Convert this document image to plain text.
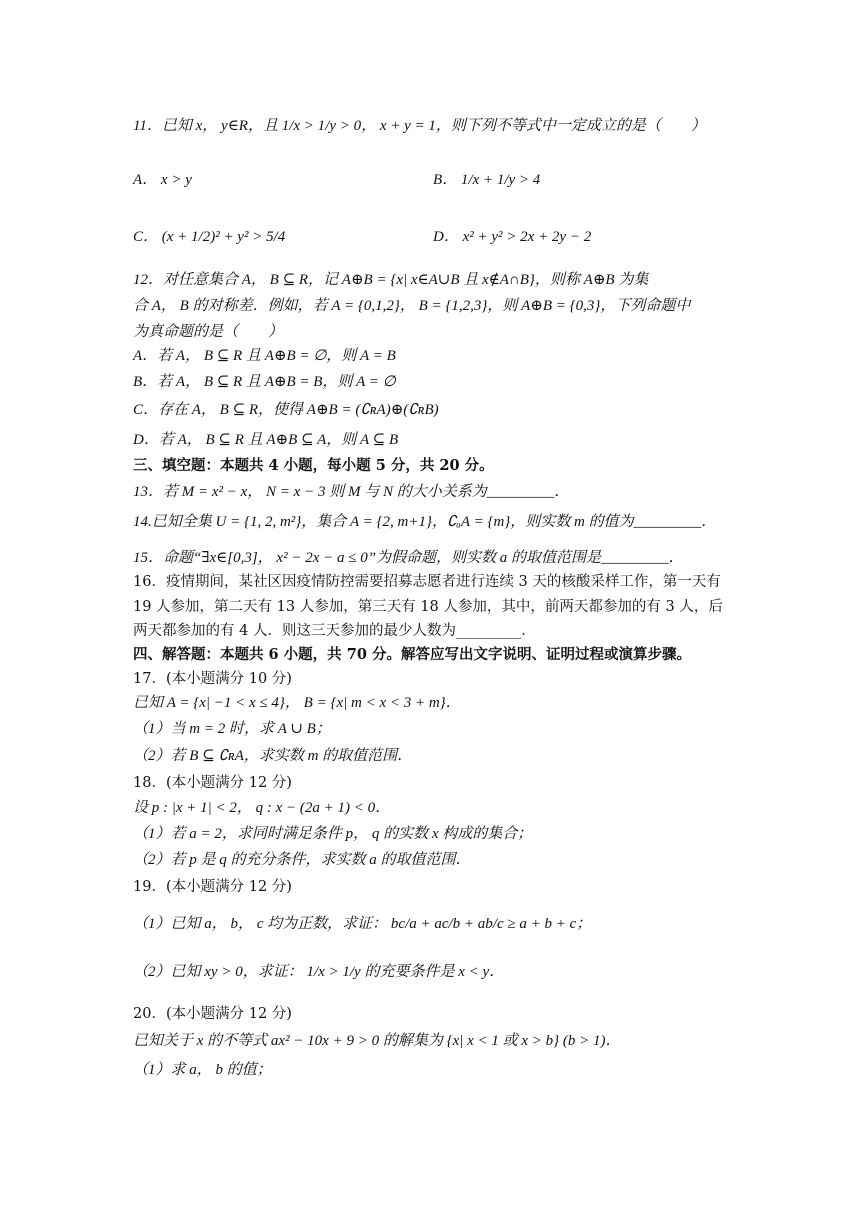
11．已知 x， y∈R，且 1/x > 1/y > 0， x + y = 1，则下列不等式中一定成立的是（　　）
A． x > y	B． 1/x + 1/y > 4
C． (x + 1/2)² + y² > 5/4	D． x² + y² > 2x + 2y − 2
12．对任意集合 A， B ⊆ R，记 A⊕B = {x| x∈A∪B 且 x∉A∩B}，则称 A⊕B 为集
合 A， B 的对称差．例如，若 A = {0,1,2}， B = {1,2,3}，则 A⊕B = {0,3}，下列命题中
为真命题的是（　　）
A．若 A， B ⊆ R 且 A⊕B = ∅，则 A = B
B．若 A， B ⊆ R 且 A⊕B = B，则 A = ∅
C．存在 A， B ⊆ R，使得 A⊕B = (∁ʀA)⊕(∁ʀB)
D．若 A， B ⊆ R 且 A⊕B ⊆ A，则 A ⊆ B
三、填空题：本题共 4 小题，每小题 5 分，共 20 分。
13．若 M = x² − x， N = x − 3 则 M 与 N 的大小关系为_________．
14.已知全集 U = {1, 2, m²}，集合 A = {2, m+1}，∁ᵤA = {m}，则实数 m 的值为_________．
15．命题“∃x∈[0,3]， x² − 2x − a ≤ 0”为假命题，则实数 a 的取值范围是_________．
16．疫情期间，某社区因疫情防控需要招募志愿者进行连续 3 天的核酸采样工作，第一天有
19 人参加，第二天有 13 人参加，第三天有 18 人参加，其中，前两天都参加的有 3 人，后
两天都参加的有 4 人．则这三天参加的最少人数为_________．
四、解答题：本题共 6 小题，共 70 分。解答应写出文字说明、证明过程或演算步骤。
17．(本小题满分 10 分)
已知 A = {x| −1 < x ≤ 4}， B = {x| m < x < 3 + m}．
（1）当 m = 2 时，求 A ∪ B；
（2）若 B ⊆ ∁ʀA，求实数 m 的取值范围．
18．(本小题满分 12 分)
设 p : |x + 1| < 2， q : x − (2a + 1) < 0．
（1）若 a = 2，求同时满足条件 p， q 的实数 x 构成的集合；
（2）若 p 是 q 的充分条件，求实数 a 的取值范围．
19．(本小题满分 12 分)
（1）已知 a， b， c 均为正数，求证： bc/a + ac/b + ab/c ≥ a + b + c；
（2）已知 xy > 0，求证： 1/x > 1/y 的充要条件是 x < y．
20．(本小题满分 12 分)
已知关于 x 的不等式 ax² − 10x + 9 > 0 的解集为 {x| x < 1 或 x > b} (b > 1)．
（1）求 a， b 的值；
